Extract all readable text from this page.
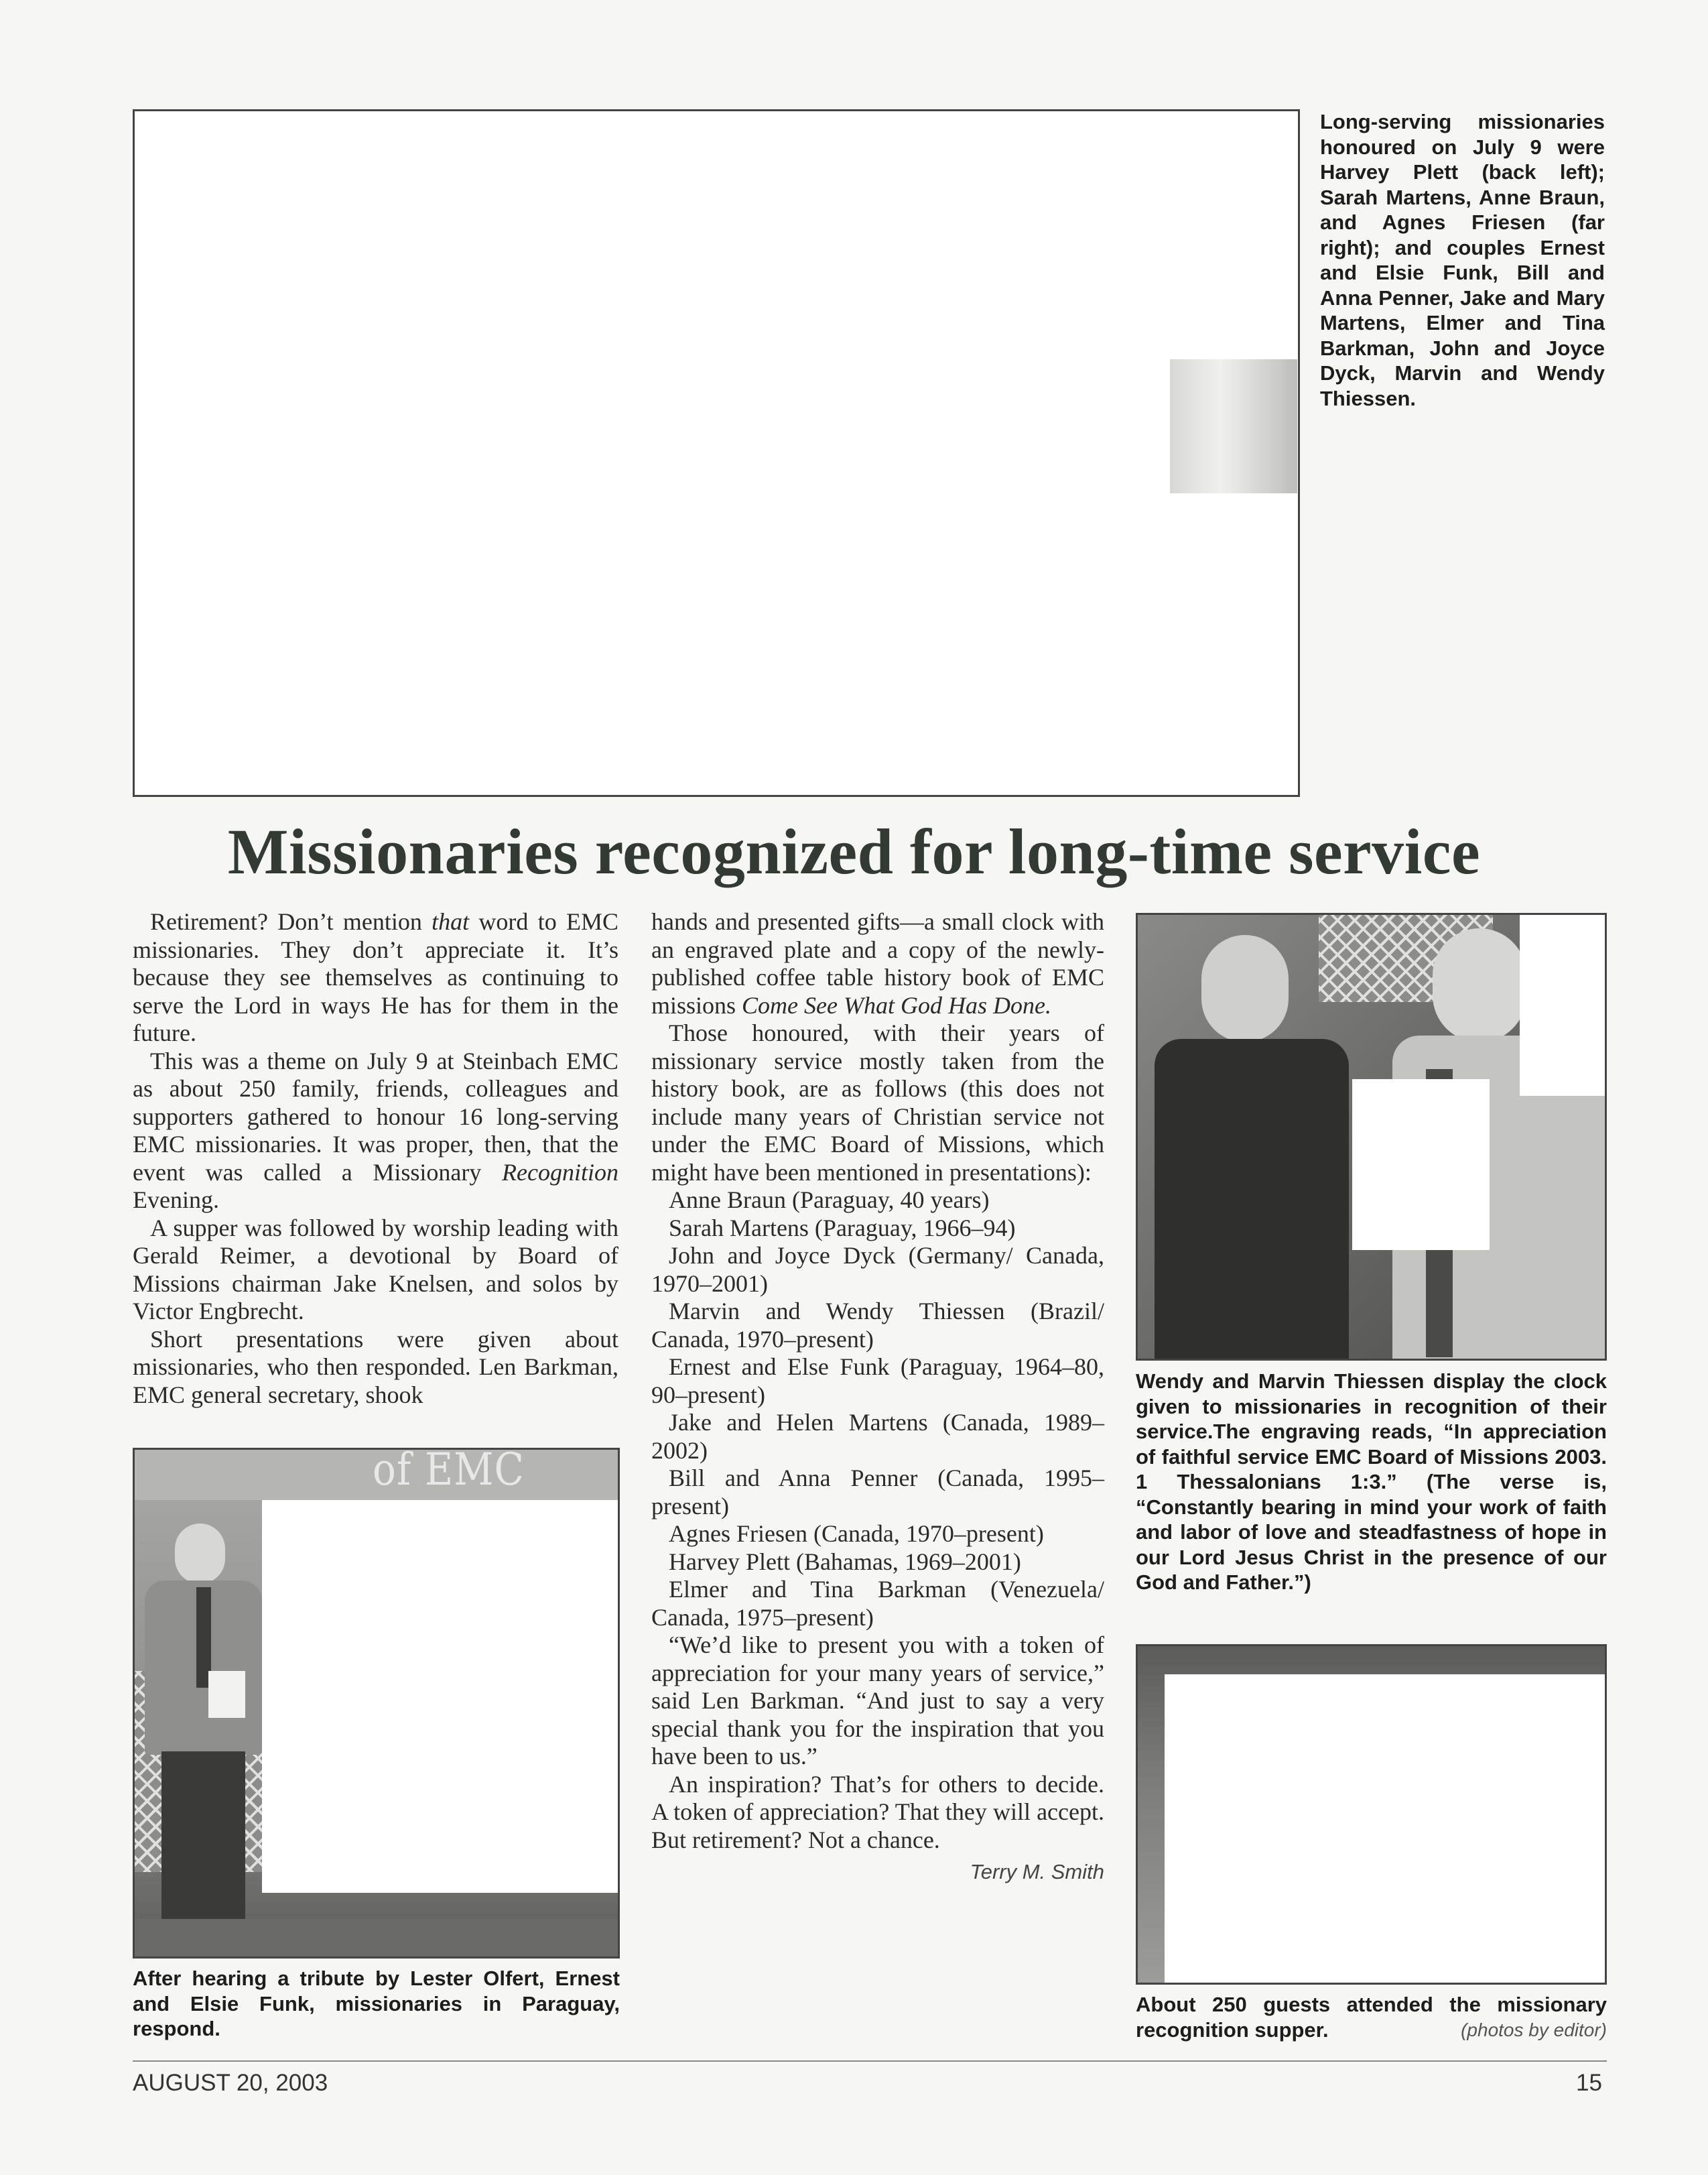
Long-serving missionaries honoured on July 9 were Harvey Plett (back left); Sarah Martens, Anne Braun, and Agnes Friesen (far right); and couples Ernest and Elsie Funk, Bill and Anna Penner, Jake and Mary Martens, Elmer and Tina Barkman, John and Joyce Dyck, Marvin and Wendy Thiessen.
Missionaries recognized for long-time service

Retirement? Don’t mention that word to EMC missionaries. They don’t appreciate it. It’s because they see themselves as continuing to serve the Lord in ways He has for them in the future.

This was a theme on July 9 at Steinbach EMC as about 250 family, friends, colleagues and supporters gathered to honour 16 long-serving EMC missionaries. It was proper, then, that the event was called a Missionary Recognition Evening.

A supper was followed by worship leading with Gerald Reimer, a devotional by Board of Missions chairman Jake Knelsen, and solos by Victor Engbrecht.

Short presentations were given about missionaries, who then responded. Len Barkman, EMC general secretary, shook

of EMC
After hearing a tribute by Lester Olfert, Ernest and Elsie Funk, missionaries in Paraguay, respond.

hands and presented gifts—a small clock with an engraved plate and a copy of the newly-published coffee table history book of EMC missions Come See What God Has Done.

Those honoured, with their years of missionary service mostly taken from the history book, are as follows (this does not include many years of Christian service not under the EMC Board of Missions, which might have been mentioned in presentations):

Anne Braun (Paraguay, 40 years)

Sarah Martens (Paraguay, 1966–94)

John and Joyce Dyck (Germany/ Canada, 1970–2001)

Marvin and Wendy Thiessen (Brazil/ Canada, 1970–present)

Ernest and Else Funk (Paraguay, 1964–80, 90–present)

Jake and Helen Martens (Canada, 1989–2002)

Bill and Anna Penner (Canada, 1995–present)

Agnes Friesen (Canada, 1970–present)

Harvey Plett (Bahamas, 1969–2001)

Elmer and Tina Barkman (Venezuela/ Canada, 1975–present)

“We’d like to present you with a token of appreciation for your many years of service,” said Len Barkman. “And just to say a very special thank you for the inspiration that you have been to us.”

An inspiration? That’s for others to decide. A token of appreciation? That they will accept. But retirement? Not a chance.

Terry M. Smith
Wendy and Marvin Thiessen display the clock given to missionaries in recognition of their service.The engraving reads, “In appreciation of faithful service EMC Board of Missions 2003. 1 Thessalonians 1:3.” (The verse is, “Constantly bearing in mind your work of faith and labor of love and steadfastness of hope in our Lord Jesus Christ in the presence of our God and Father.”)
About 250 guests attended the missionary recognition supper.	(photos by editor)
AUGUST 20, 2003	15
